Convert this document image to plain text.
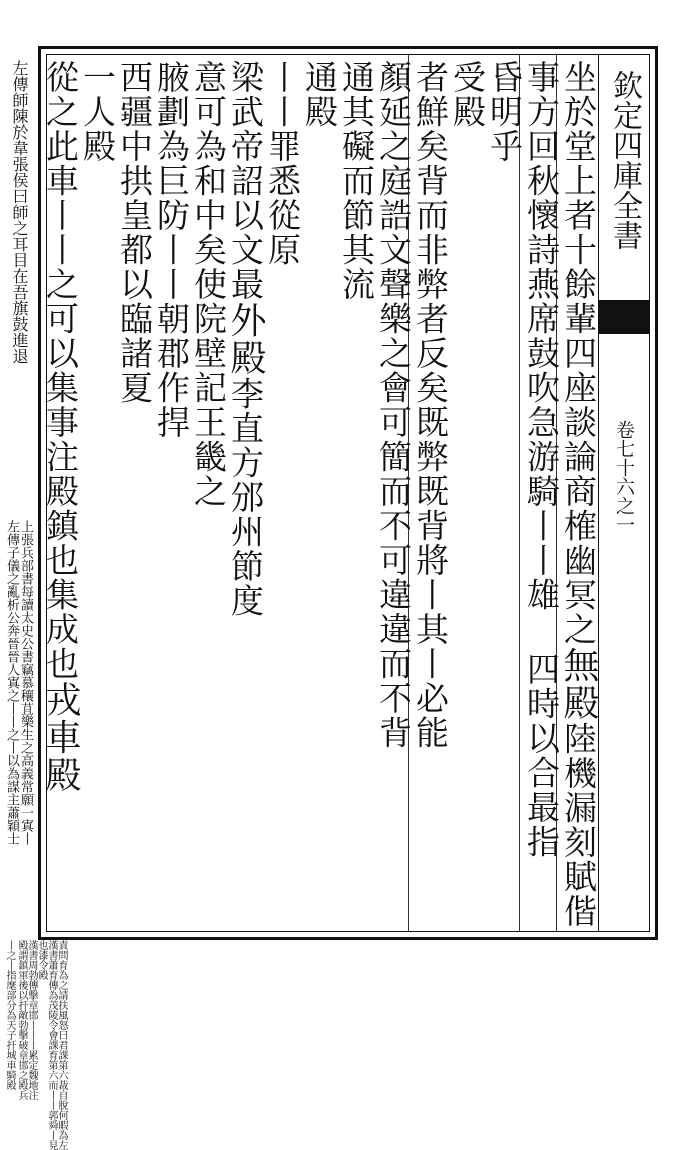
欽定四庫全書
卷七十六之一
坐於堂上者十餘輩四座談論商榷幽冥之無殿陸機漏刻賦偕
事方回秋懷詩燕席鼓吹急游騎丨丨雄四時以合最指
昏明乎
受殿
者鮮矣背而非弊者反矣既弊既背將丨其丨必能
顏延之庭誥文聲樂之會可簡而不可違違而不背
通其礙而節其流
通殿
丨丨罪悉從原
梁武帝詔以文最外殿李直方邠州節度
意可為和中矣使院壁記王畿之
腋劃為巨防丨丨朝郡作捍
西疆中拱皇都以臨諸夏
一人殿
從之此車丨丨之可以集事注殿鎮也集成也戎車殿
左傳師陳於韋張侯曰師之耳目在吾旗鼓進退
左傳子儀之亂析公奔晉晉人寘之丨丨之丨以為謀主蕭穎士 上張兵部書每讀太史公書竊慕穰苴樂生之高義常願一寘丨
丨之丨指麾部分為天子扞城車騎殿 殿謂鎮軍後以扞敵勃擊破章邯之殿兵 漢書周勃傳擊章邯丨丨丨累定魏地注 也漆令殿 漢書蕭育傳為茂陵令會課育第六而丨丨郭舜丨見 責問育為之請扶風怒曰君課第六裁自脫何暇為左
